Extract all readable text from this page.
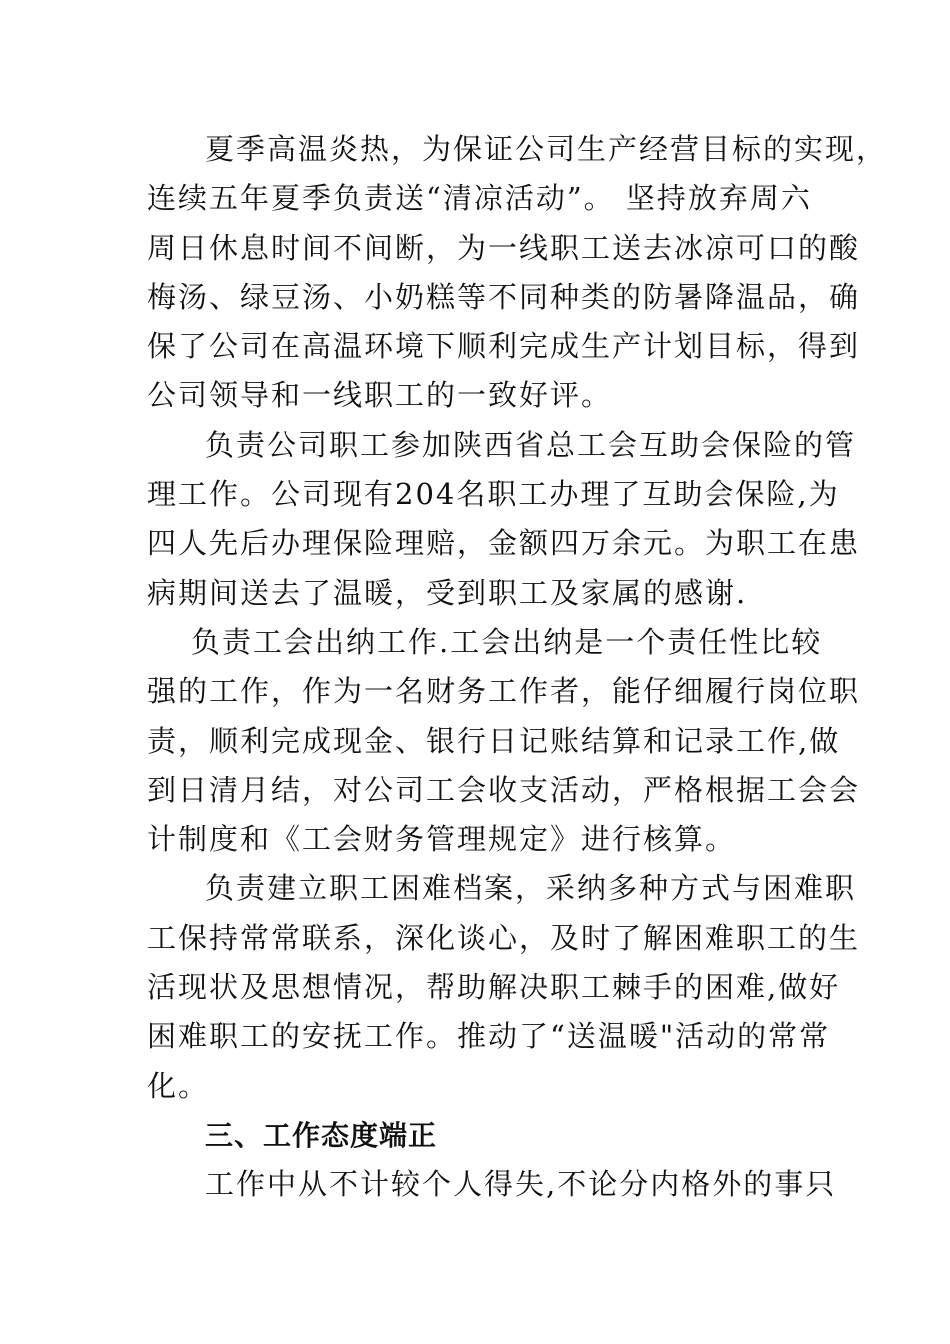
夏季高温炎热，为保证公司生产经营目标的实现，
连续五年夏季负责送“清凉活动”。 坚持放弃周六
周日休息时间不间断，为一线职工送去冰凉可口的酸
梅汤、绿豆汤、小奶糕等不同种类的防暑降温品，确
保了公司在高温环境下顺利完成生产计划目标，得到
公司领导和一线职工的一致好评。
负责公司职工参加陕西省总工会互助会保险的管
理工作。公司现有204名职工办理了互助会保险,为
四人先后办理保险理赔，金额四万余元。为职工在患
病期间送去了温暖，受到职工及家属的感谢.
负责工会出纳工作.工会出纳是一个责任性比较
强的工作，作为一名财务工作者，能仔细履行岗位职
责，顺利完成现金、银行日记账结算和记录工作,做
到日清月结，对公司工会收支活动，严格根据工会会
计制度和《工会财务管理规定》进行核算。
负责建立职工困难档案，采纳多种方式与困难职
工保持常常联系，深化谈心，及时了解困难职工的生
活现状及思想情况，帮助解决职工棘手的困难,做好
困难职工的安抚工作。推动了“送温暖"活动的常常
化。
三、工作态度端正
工作中从不计较个人得失,不论分内格外的事只
